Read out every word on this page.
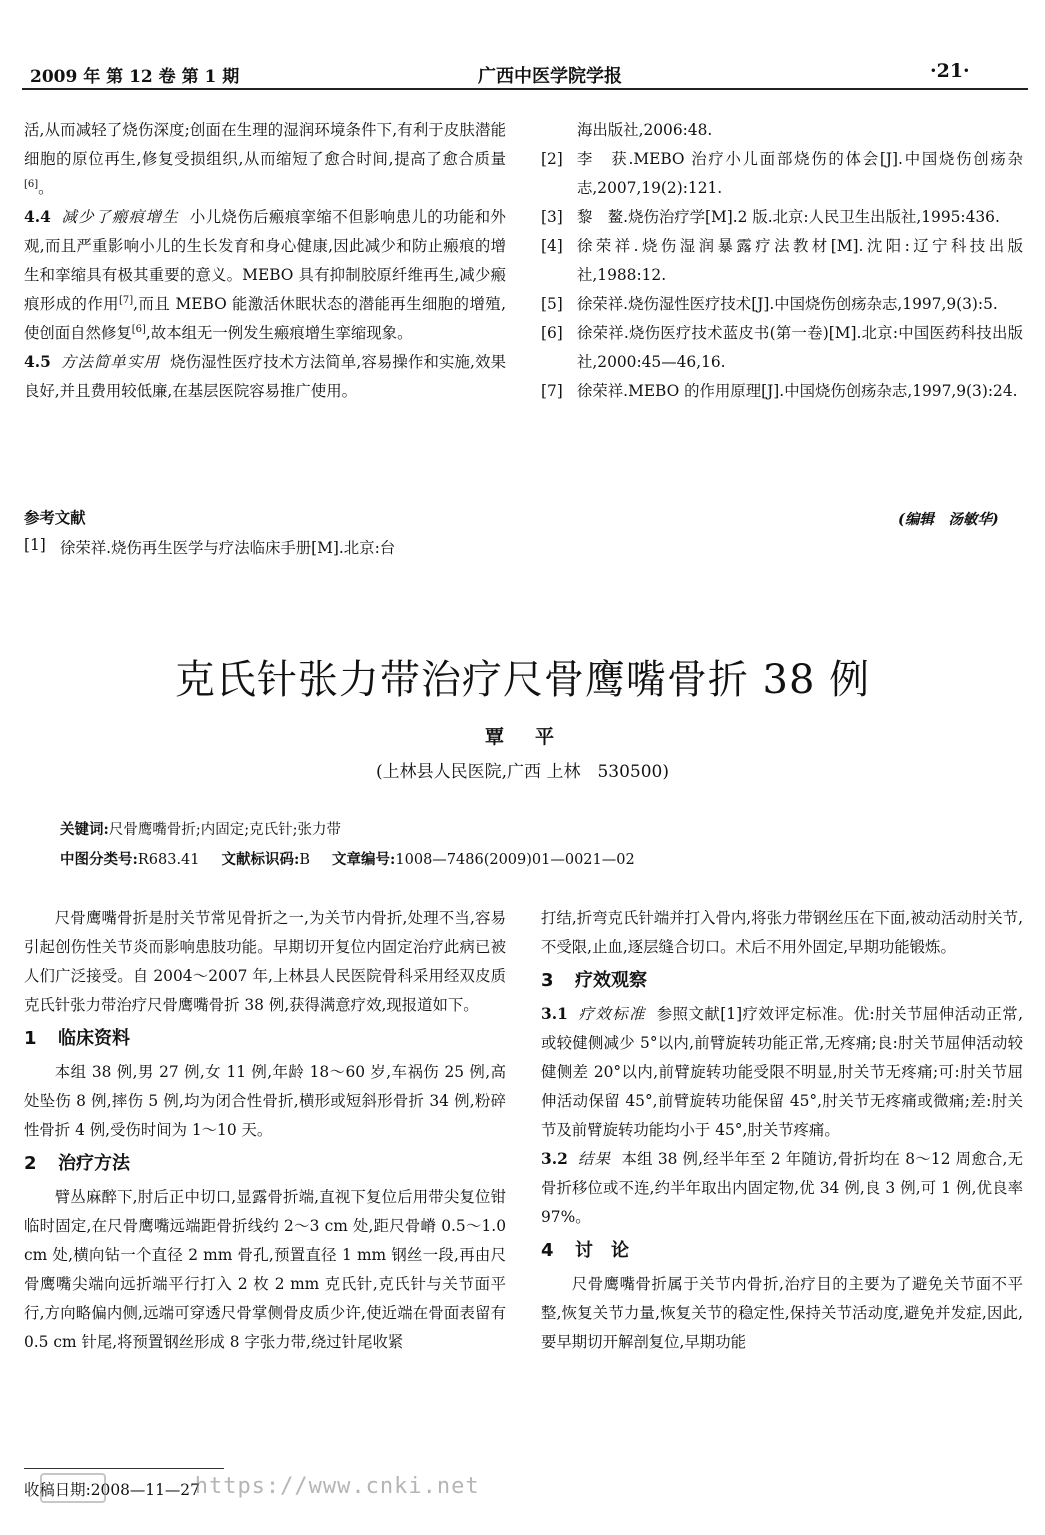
2009 年 第 12 卷 第 1 期	广西中医学院学报	·21·

活,从而减轻了烧伤深度;创面在生理的湿润环境条件下,有利于皮肤潜能细胞的原位再生,修复受损组织,从而缩短了愈合时间,提高了愈合质量[6]。

4.4 减少了瘢痕增生 小儿烧伤后瘢痕挛缩不但影响患儿的功能和外观,而且严重影响小儿的生长发育和身心健康,因此减少和防止瘢痕的增生和挛缩具有极其重要的意义。MEBO 具有抑制胶原纤维再生,减少瘢痕形成的作用[7],而且 MEBO 能激活休眠状态的潜能再生细胞的增殖,使创面自然修复[6],故本组无一例发生瘢痕增生挛缩现象。

4.5 方法简单实用 烧伤湿性医疗技术方法简单,容易操作和实施,效果良好,并且费用较低廉,在基层医院容易推广使用。

参考文献
[1] 徐荣祥.烧伤再生医学与疗法临床手册[M].北京:台
海出版社,2006:48.
[2] 李　获.MEBO 治疗小儿面部烧伤的体会[J].中国烧伤创疡杂志,2007,19(2):121.
[3] 黎　鳌.烧伤治疗学[M].2 版.北京:人民卫生出版社,1995:436.
[4] 徐荣祥.烧伤湿润暴露疗法教材[M].沈阳:辽宁科技出版社,1988:12.
[5] 徐荣祥.烧伤湿性医疗技术[J].中国烧伤创疡杂志,1997,9(3):5.
[6] 徐荣祥.烧伤医疗技术蓝皮书(第一卷)[M].北京:中国医药科技出版社,2000:45—46,16.
[7] 徐荣祥.MEBO 的作用原理[J].中国烧伤创疡杂志,1997,9(3):24.
(编辑　汤敏华)
克氏针张力带治疗尺骨鹰嘴骨折 38 例
覃　平
(上林县人民医院,广西 上林　530500)
关键词:尺骨鹰嘴骨折;内固定;克氏针;张力带
中图分类号:R683.41 文献标识码:B 文章编号:1008—7486(2009)01—0021—02

尺骨鹰嘴骨折是肘关节常见骨折之一,为关节内骨折,处理不当,容易引起创伤性关节炎而影响患肢功能。早期切开复位内固定治疗此病已被人们广泛接受。自 2004～2007 年,上林县人民医院骨科采用经双皮质克氏针张力带治疗尺骨鹰嘴骨折 38 例,获得满意疗效,现报道如下。

1 临床资料

本组 38 例,男 27 例,女 11 例,年龄 18～60 岁,车祸伤 25 例,高处坠伤 8 例,摔伤 5 例,均为闭合性骨折,横形或短斜形骨折 34 例,粉碎性骨折 4 例,受伤时间为 1～10 天。

2 治疗方法

臂丛麻醉下,肘后正中切口,显露骨折端,直视下复位后用带尖复位钳临时固定,在尺骨鹰嘴远端距骨折线约 2～3 cm 处,距尺骨嵴 0.5～1.0 cm 处,横向钻一个直径 2 mm 骨孔,预置直径 1 mm 钢丝一段,再由尺骨鹰嘴尖端向远折端平行打入 2 枚 2 mm 克氏针,克氏针与关节面平行,方向略偏内侧,远端可穿透尺骨掌侧骨皮质少许,使近端在骨面表留有 0.5 cm 针尾,将预置钢丝形成 8 字张力带,绕过针尾收紧

打结,折弯克氏针端并打入骨内,将张力带钢丝压在下面,被动活动肘关节,不受限,止血,逐层缝合切口。术后不用外固定,早期功能锻炼。

3 疗效观察

3.1 疗效标准 参照文献[1]疗效评定标准。优:肘关节屈伸活动正常,或较健侧减少 5°以内,前臂旋转功能正常,无疼痛;良:肘关节屈伸活动较健侧差 20°以内,前臂旋转功能受限不明显,肘关节无疼痛;可:肘关节屈伸活动保留 45°,前臂旋转功能保留 45°,肘关节无疼痛或微痛;差:肘关节及前臂旋转功能均小于 45°,肘关节疼痛。

3.2 结果 本组 38 例,经半年至 2 年随访,骨折均在 8～12 周愈合,无骨折移位或不连,约半年取出内固定物,优 34 例,良 3 例,可 1 例,优良率 97%。

4 讨　论

尺骨鹰嘴骨折属于关节内骨折,治疗目的主要为了避免关节面不平整,恢复关节力量,恢复关节的稳定性,保持关节活动度,避免并发症,因此,要早期切开解剖复位,早期功能

收稿日期:2008—11—27
https://www.cnki.net
